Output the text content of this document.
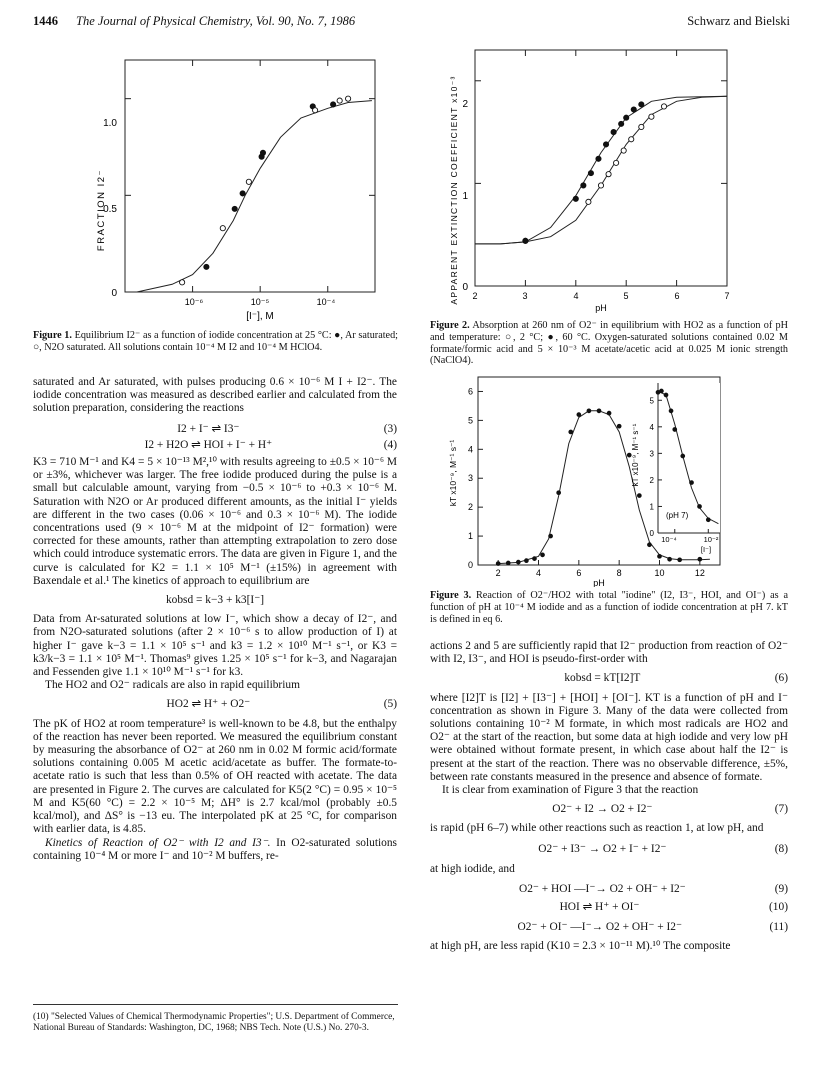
1446 The Journal of Physical Chemistry, Vol. 90, No. 7, 1986	Schwarz and Bielski
FRACTION I2⁻
0
0.5
1.0
10⁻⁶	10⁻⁵	10⁻⁴
[I⁻], M
Figure 1. Equilibrium I2⁻ as a function of iodide concentration at 25 °C: ●, Ar saturated; ○, N2O saturated. All solutions contain 10⁻⁴ M I2 and 10⁻⁴ M HClO4.
APPARENT EXTINCTION COEFFICIENT x10⁻³ 0
1
2
2	3	4	5	6	7
pH
Figure 2. Absorption at 260 nm of O2⁻ in equilibrium with HO2 as a function of pH and temperature: ○, 2 °C; ●, 60 °C. Oxygen-saturated solutions contained 0.02 M formate/formic acid and 5 × 10⁻³ M acetate/acetic acid at 0.025 M ionic strength (NaClO4).
kT x10⁻⁹, M⁻¹ s⁻¹
0
1
2
3
4
5
6
2	4	6	8	10	12
pH
kT x10⁻⁹, M⁻¹ s⁻¹
0
1
2
3
4
5
10⁻⁴	10⁻²
[I⁻]
(pH 7)
Figure 3. Reaction of O2⁻/HO2 with total "iodine" (I2, I3⁻, HOI, and OI⁻) as a function of pH at 10⁻⁴ M iodide and as a function of iodide concentration at pH 7. kT is defined in eq 6.

saturated and Ar saturated, with pulses producing 0.6 × 10⁻⁶ M I + I2⁻. The iodide concentration was measured as described earlier and calculated from the solution preparation, considering the reactions

I2 + I⁻ ⇌ I3⁻	(3)
I2 + H2O ⇌ HOI + I⁻ + H⁺	(4)

K3 = 710 M⁻¹ and K4 = 5 × 10⁻¹³ M²,¹⁰ with results agreeing to ±0.5 × 10⁻⁶ M or ±3%, whichever was larger. The free iodide produced during the pulse is a small but calculable amount, varying from −0.5 × 10⁻⁶ to +0.3 × 10⁻⁶ M. Saturation with N2O or Ar produced different amounts, as the initial I⁻ yields are different in the two cases (0.06 × 10⁻⁶ and 0.3 × 10⁻⁶ M). The iodide concentrations used (9 × 10⁻⁶ M at the midpoint of I2⁻ formation) were corrected for these amounts, rather than attempting extrapolation to zero dose which could introduce systematic errors. The data are given in Figure 1, and the curve is calculated for K2 = 1.1 × 10⁵ M⁻¹ (±15%) in agreement with Baxendale et al.¹ The kinetics of approach to equilibrium are

kobsd = k−3 + k3[I⁻]

Data from Ar-saturated solutions at low I⁻, which show a decay of I2⁻, and from N2O-saturated solutions (after 2 × 10⁻⁶ s to allow production of I) at higher I⁻ gave k−3 = 1.1 × 10⁵ s⁻¹ and k3 = 1.2 × 10¹⁰ M⁻¹ s⁻¹, or K3 = k3/k−3 = 1.1 × 10⁵ M⁻¹. Thomas⁹ gives 1.25 × 10⁵ s⁻¹ for k−3, and Nagarajan and Fessenden give 1.1 × 10¹⁰ M⁻¹ s⁻¹ for k3.

The HO2 and O2⁻ radicals are also in rapid equilibrium

HO2 ⇌ H⁺ + O2⁻	(5)

The pK of HO2 at room temperature³ is well-known to be 4.8, but the enthalpy of the reaction has never been reported. We measured the equilibrium constant by measuring the absorbance of O2⁻ at 260 nm in 0.02 M formic acid/formate solutions containing 0.005 M acetic acid/acetate as buffer. The formate-to-acetate ratio is such that less than 0.5% of OH reacted with acetate. The data are presented in Figure 2. The curves are calculated for K5(2 °C) = 0.95 × 10⁻⁵ M and K5(60 °C) = 2.2 × 10⁻⁵ M; ΔH° is 2.7 kcal/mol (probably ±0.5 kcal/mol), and ΔS° is −13 eu. The interpolated pK at 25 °C, for comparison with earlier data, is 4.85.

Kinetics of Reaction of O2⁻ with I2 and I3⁻. In O2-saturated solutions containing 10⁻⁴ M or more I⁻ and 10⁻² M buffers, re-

(10) "Selected Values of Chemical Thermodynamic Properties"; U.S. Department of Commerce, National Bureau of Standards: Washington, DC, 1968; NBS Tech. Note (U.S.) No. 270-3.

actions 2 and 5 are sufficiently rapid that I2⁻ production from reaction of O2⁻ with I2, I3⁻, and HOI is pseudo-first-order with

kobsd = kT[I2]T	(6)

where [I2]T is [I2] + [I3⁻] + [HOI] + [OI⁻]. KT is a function of pH and I⁻ concentration as shown in Figure 3. Many of the data were collected from solutions containing 10⁻² M formate, in which most radicals are HO2 and O2⁻ at the start of the reaction, but some data at high iodide and very low pH were obtained without formate present, in which case about half the I2⁻ is present at the start of the reaction. There was no observable difference, ±5%, between rate constants measured in the presence and absence of formate.

It is clear from examination of Figure 3 that the reaction

O2⁻ + I2 → O2 + I2⁻	(7)

is rapid (pH 6–7) while other reactions such as reaction 1, at low pH, and

O2⁻ + I3⁻ → O2 + I⁻ + I2⁻	(8)

at high iodide, and

O2⁻ + HOI —I⁻→ O2 + OH⁻ + I2⁻	(9)
HOI ⇌ H⁺ + OI⁻	(10)
O2⁻ + OI⁻ —I⁻→ O2 + OH⁻ + I2⁻	(11)

at high pH, are less rapid (K10 = 2.3 × 10⁻¹¹ M).¹⁰ The composite
